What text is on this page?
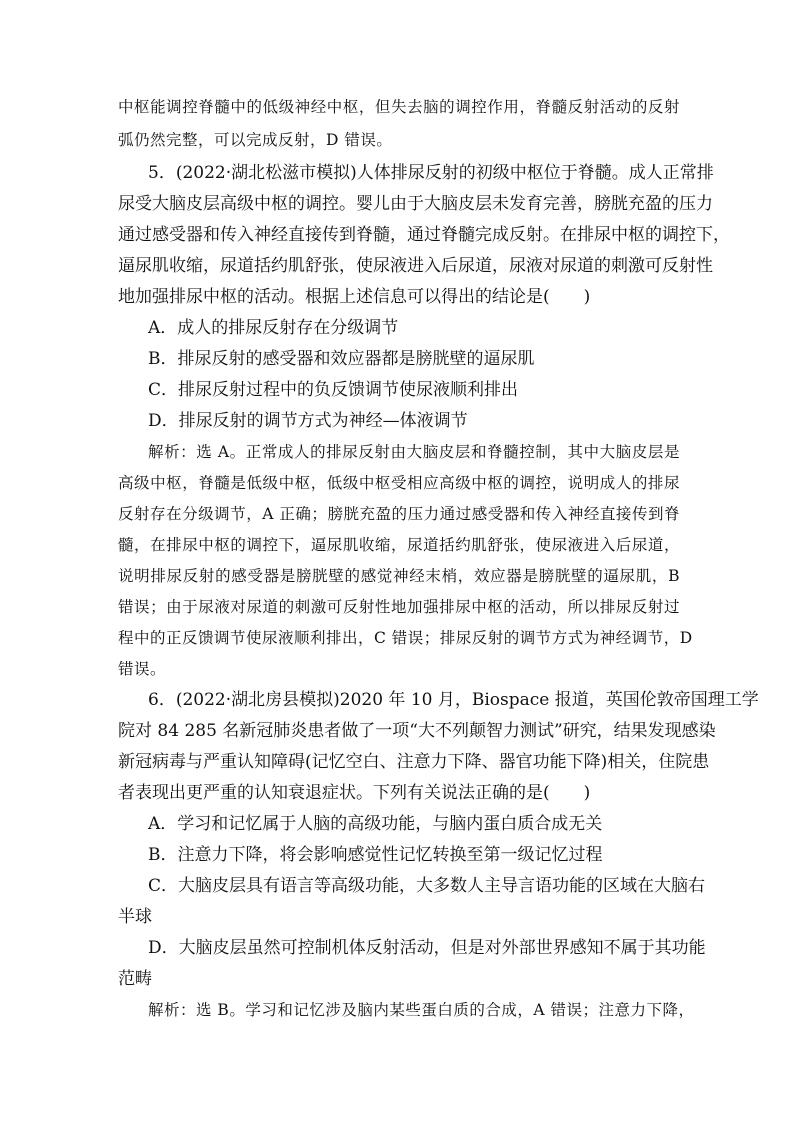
中枢能调控脊髓中的低级神经中枢，但失去脑的调控作用，脊髓反射活动的反射
弧仍然完整，可以完成反射，D 错误。
5．(2022·湖北松滋市模拟)人体排尿反射的初级中枢位于脊髓。成人正常排
尿受大脑皮层高级中枢的调控。婴儿由于大脑皮层未发育完善，膀胱充盈的压力
通过感受器和传入神经直接传到脊髓，通过脊髓完成反射。在排尿中枢的调控下，
逼尿肌收缩，尿道括约肌舒张，使尿液进入后尿道，尿液对尿道的刺激可反射性
地加强排尿中枢的活动。根据上述信息可以得出的结论是(　　)
A．成人的排尿反射存在分级调节
B．排尿反射的感受器和效应器都是膀胱壁的逼尿肌
C．排尿反射过程中的负反馈调节使尿液顺利排出
D．排尿反射的调节方式为神经—体液调节
解析：选 A。正常成人的排尿反射由大脑皮层和脊髓控制，其中大脑皮层是
高级中枢，脊髓是低级中枢，低级中枢受相应高级中枢的调控，说明成人的排尿
反射存在分级调节，A 正确；膀胱充盈的压力通过感受器和传入神经直接传到脊
髓，在排尿中枢的调控下，逼尿肌收缩，尿道括约肌舒张，使尿液进入后尿道，
说明排尿反射的感受器是膀胱壁的感觉神经末梢，效应器是膀胱壁的逼尿肌，B
错误；由于尿液对尿道的刺激可反射性地加强排尿中枢的活动，所以排尿反射过
程中的正反馈调节使尿液顺利排出，C 错误；排尿反射的调节方式为神经调节，D
错误。
6．(2022·湖北房县模拟)2020 年 10 月，Biospace 报道，英国伦敦帝国理工学
院对 84 285 名新冠肺炎患者做了一项“大不列颠智力测试”研究，结果发现感染
新冠病毒与严重认知障碍(记忆空白、注意力下降、器官功能下降)相关，住院患
者表现出更严重的认知衰退症状。下列有关说法正确的是(　　)
A．学习和记忆属于人脑的高级功能，与脑内蛋白质合成无关
B．注意力下降，将会影响感觉性记忆转换至第一级记忆过程
C．大脑皮层具有语言等高级功能，大多数人主导言语功能的区域在大脑右
半球
D．大脑皮层虽然可控制机体反射活动，但是对外部世界感知不属于其功能
范畴
解析：选 B。学习和记忆涉及脑内某些蛋白质的合成，A 错误；注意力下降，
